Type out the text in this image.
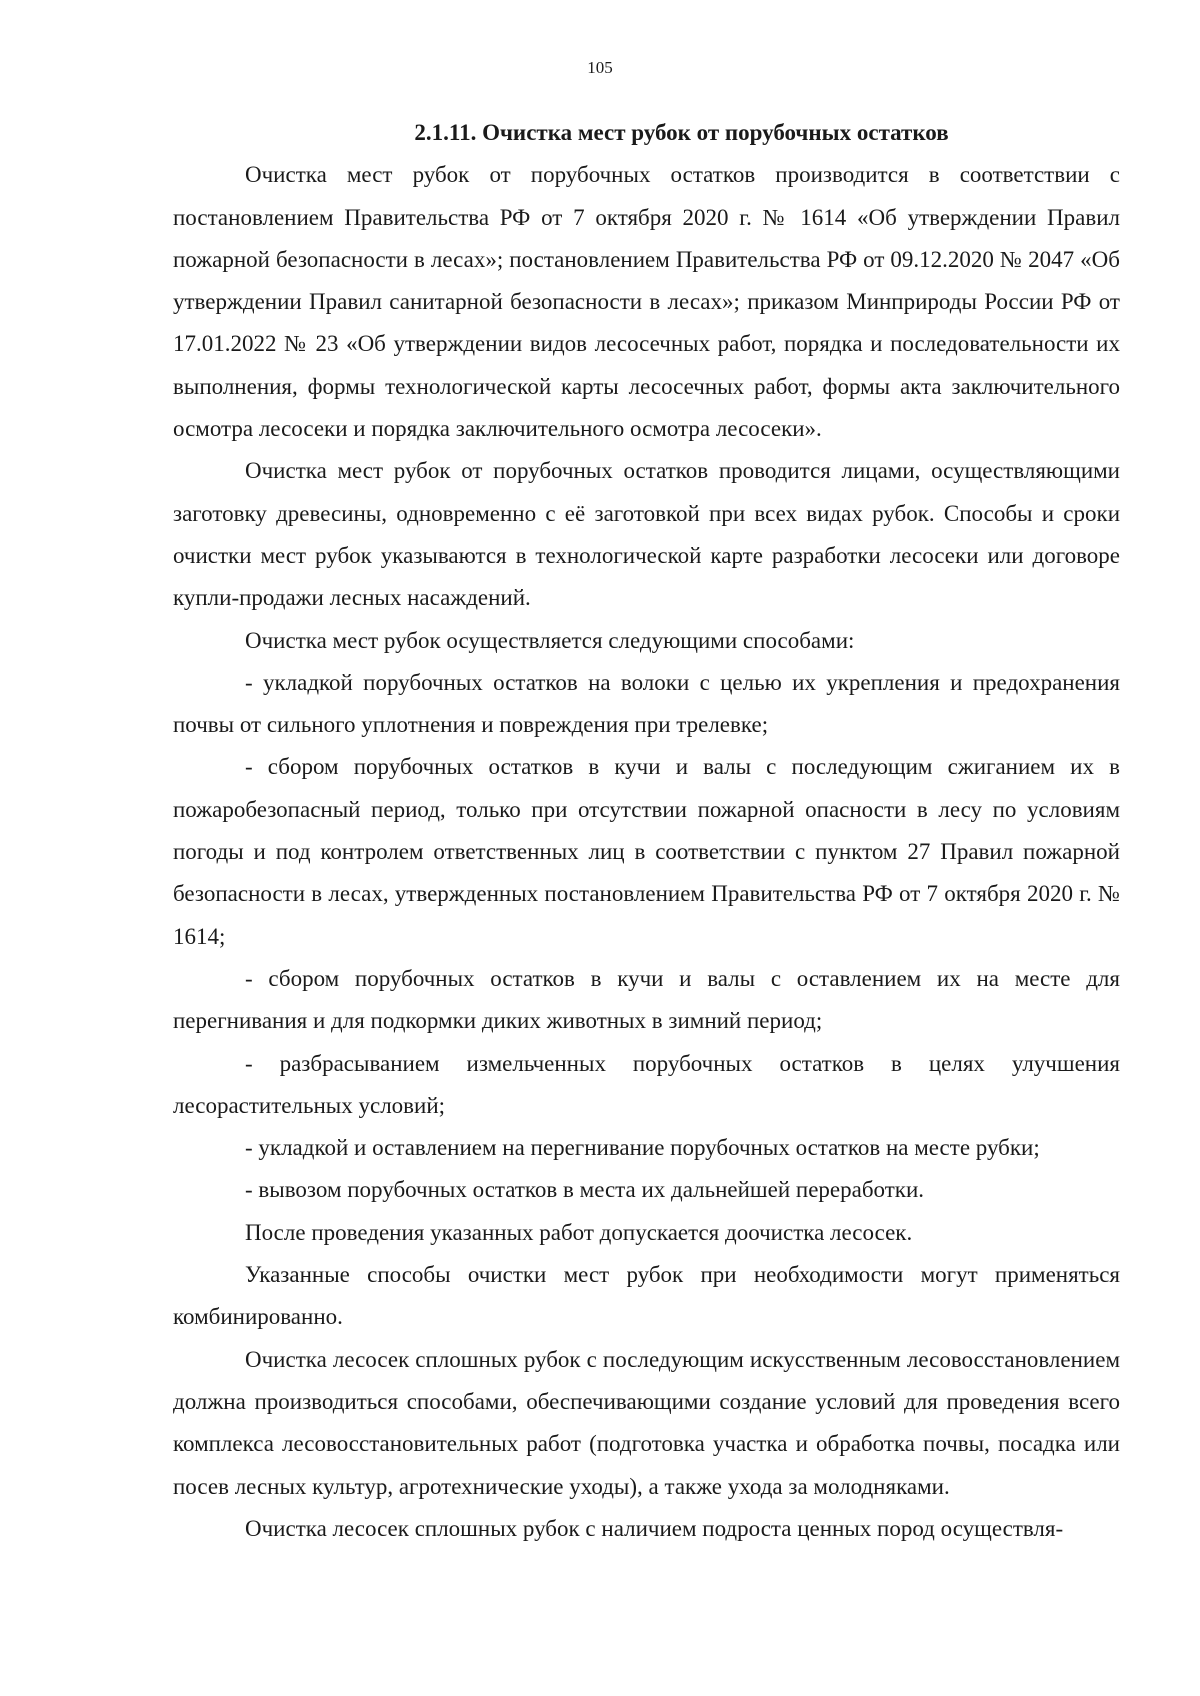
105
2.1.11. Очистка мест рубок от порубочных остатков

Очистка мест рубок от порубочных остатков производится в соответствии с постановлением Правительства РФ от 7 октября 2020 г. № 1614 «Об утверждении Правил пожарной безопасности в лесах»; постановлением Правительства РФ от 09.12.2020 № 2047 «Об утверждении Правил санитарной безопасности в лесах»; приказом Минприроды России РФ от 17.01.2022 № 23 «Об утверждении видов лесосечных работ, порядка и последовательности их выполнения, формы технологической карты лесосечных работ, формы акта заключительного осмотра лесосеки и порядка заключительного осмотра лесосеки».

Очистка мест рубок от порубочных остатков проводится лицами, осуществляющими заготовку древесины, одновременно с её заготовкой при всех видах рубок. Способы и сроки очистки мест рубок указываются в технологической карте разработки лесосеки или договоре купли-продажи лесных насаждений.

Очистка мест рубок осуществляется следующими способами:

- укладкой порубочных остатков на волоки с целью их укрепления и предохранения почвы от сильного уплотнения и повреждения при трелевке;

- сбором порубочных остатков в кучи и валы с последующим сжиганием их в пожаробезопасный период, только при отсутствии пожарной опасности в лесу по условиям погоды и под контролем ответственных лиц в соответствии с пунктом 27 Правил пожарной безопасности в лесах, утвержденных постановлением Правительства РФ от 7 октября 2020 г. № 1614;

- сбором порубочных остатков в кучи и валы с оставлением их на месте для перегнивания и для подкормки диких животных в зимний период;

- разбрасыванием измельченных порубочных остатков в целях улучшения лесорастительных условий;

- укладкой и оставлением на перегнивание порубочных остатков на месте рубки;

- вывозом порубочных остатков в места их дальнейшей переработки.

После проведения указанных работ допускается доочистка лесосек.

Указанные способы очистки мест рубок при необходимости могут применяться комбинированно.

Очистка лесосек сплошных рубок с последующим искусственным лесовосстановлением должна производиться способами, обеспечивающими создание условий для проведения всего комплекса лесовосстановительных работ (подготовка участка и обработка почвы, посадка или посев лесных культур, агротехнические уходы), а также ухода за молодняками.

Очистка лесосек сплошных рубок с наличием подроста ценных пород осуществля-
